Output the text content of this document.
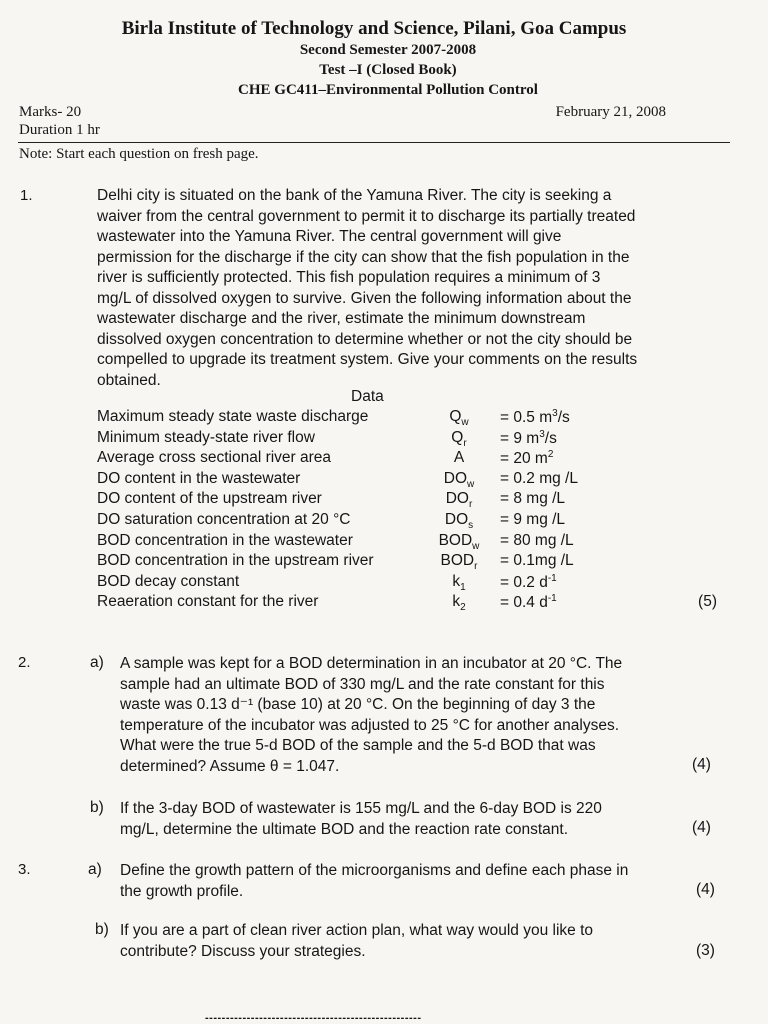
Birla Institute of Technology and Science, Pilani, Goa Campus
Second Semester 2007-2008
Test –I (Closed Book)
CHE GC411–Environmental Pollution Control
Marks- 20
Duration 1 hr
February 21, 2008
Note: Start each question on fresh page.
1.	Delhi city is situated on the bank of the Yamuna River. The city is seeking a

waiver from the central government to permit it to discharge its partially treated

wastewater into the Yamuna River. The central government will give

permission for the discharge if the city can show that the fish population in the

river is sufficiently protected. This fish population requires a minimum of 3

mg/L of dissolved oxygen to survive. Given the following information about the

wastewater discharge and the river, estimate the minimum downstream

dissolved oxygen concentration to determine whether or not the city should be

compelled to upgrade its treatment system. Give your comments on the results

obtained.

Data
Maximum steady state waste discharge	$Q_w$	= 0.5 $m^3/s$
Minimum steady-state river flow	$Q_r$	= 9 $m^3/s$
Average cross sectional river area	A	= 20 $m^2$
DO content in the wastewater	$DO_w$	= 0.2 mg /L
DO content of the upstream river	$DO_r$	= 8 mg /L
DO saturation concentration at 20 °C	$DO_s$	= 9 mg /L
BOD concentration in the wastewater	$BOD_w$	= 80 mg /L
BOD concentration in the upstream river	$BOD_r$	= 0.1mg /L
BOD decay constant	$k_1$	= 0.2 $d^{-1}$
Reaeration constant for the river	$k_2$	= 0.4 $d^{-1}$	(5)
2.	a) A sample was kept for a BOD determination in an incubator at 20 °C. The

sample had an ultimate BOD of 330 mg/L and the rate constant for this

waste was 0.13 d⁻¹ (base 10) at 20 °C. On the beginning of day 3 the

temperature of the incubator was adjusted to 25 °C for another analyses.

What were the true 5-d BOD of the sample and the 5-d BOD that was

determined? Assume θ = 1.047.	(4)
b) If the 3-day BOD of wastewater is 155 mg/L and the 6-day BOD is 220

mg/L, determine the ultimate BOD and the reaction rate constant.	(4)
3.	a) Define the growth pattern of the microorganisms and define each phase in

the growth profile.	(4)
b) If you are a part of clean river action plan, what way would you like to

contribute? Discuss your strategies.	(3)
----------------------------------------------------
